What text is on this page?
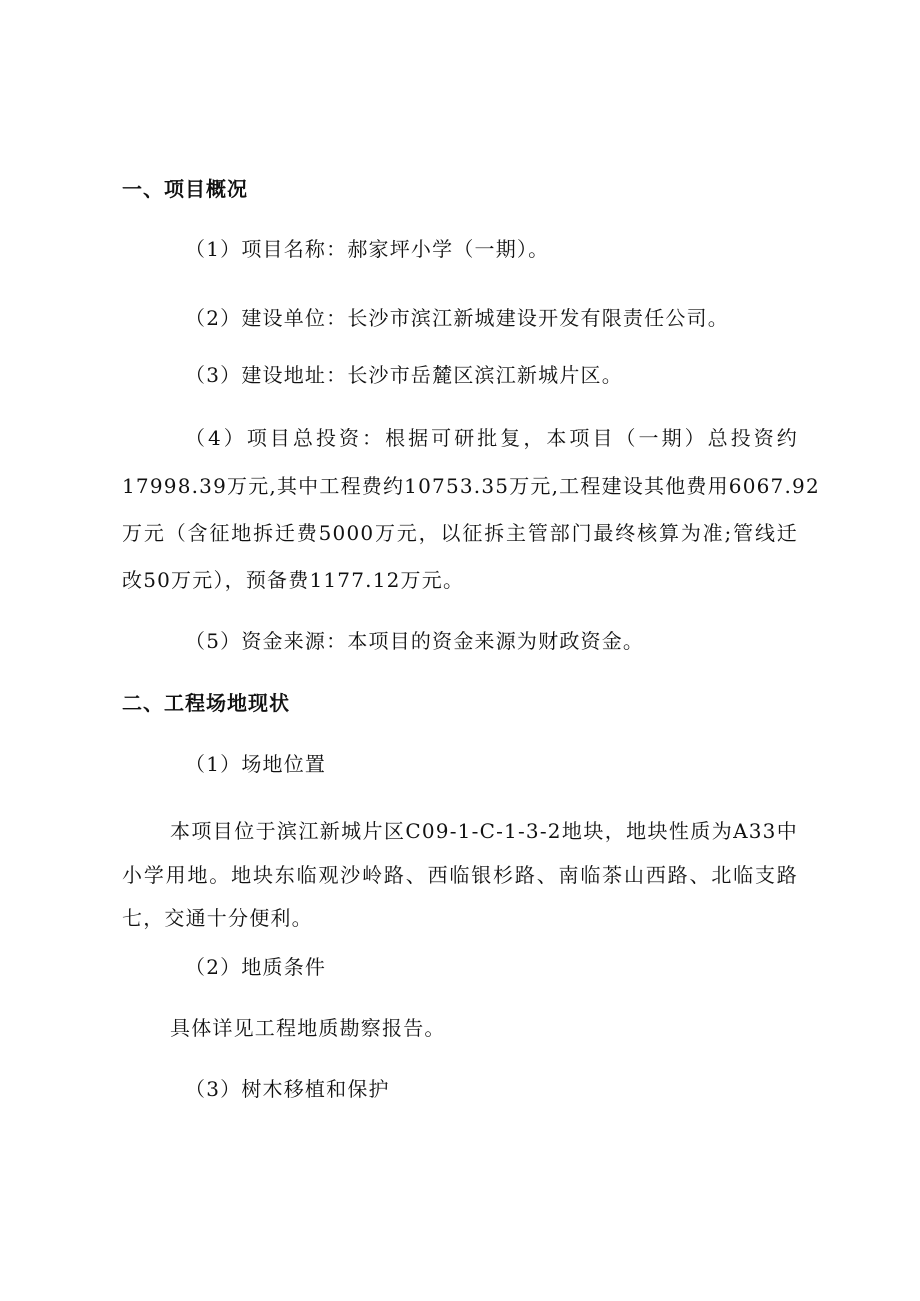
一、项目概况
（1）项目名称：郝家坪小学（一期）。
（2）建设单位：长沙市滨江新城建设开发有限责任公司。
（3）建设地址：长沙市岳麓区滨江新城片区。
（4）项目总投资：根据可研批复，本项目（一期）总投资约
17998.39万元,其中工程费约10753.35万元,工程建设其他费用6067.92
万元（含征地拆迁费5000万元，以征拆主管部门最终核算为准;管线迁
改50万元），预备费1177.12万元。
（5）资金来源：本项目的资金来源为财政资金。
二、工程场地现状
（1）场地位置
本项目位于滨江新城片区C09-1-C-1-3-2地块，地块性质为A33中
小学用地。地块东临观沙岭路、西临银杉路、南临茶山西路、北临支路
七，交通十分便利。
（2）地质条件
具体详见工程地质勘察报告。
（3）树木移植和保护
